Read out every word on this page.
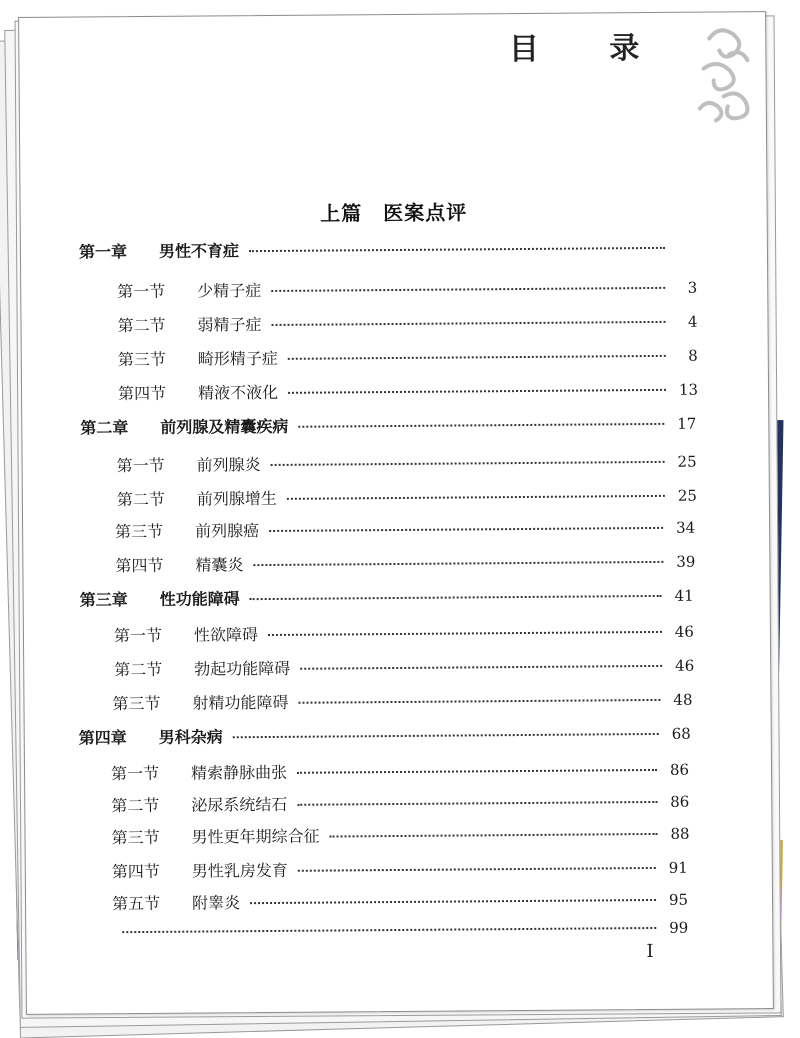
目 录
上篇　医案点评
第一章	男性不育症
第一节	少精子症	3
第二节	弱精子症	4
第三节	畸形精子症	8
第四节	精液不液化	13
第二章	前列腺及精囊疾病	17
第一节	前列腺炎	25
第二节	前列腺增生	25
第三节	前列腺癌	34
第四节	精囊炎	39
第三章	性功能障碍	41
第一节	性欲障碍	46
第二节	勃起功能障碍	46
第三节	射精功能障碍	48
第四章	男科杂病	68
第一节	精索静脉曲张	86
第二节	泌尿系统结石	86
第三节	男性更年期综合征	88
第四节	男性乳房发育	91
第五节	附睾炎	95
99
I
